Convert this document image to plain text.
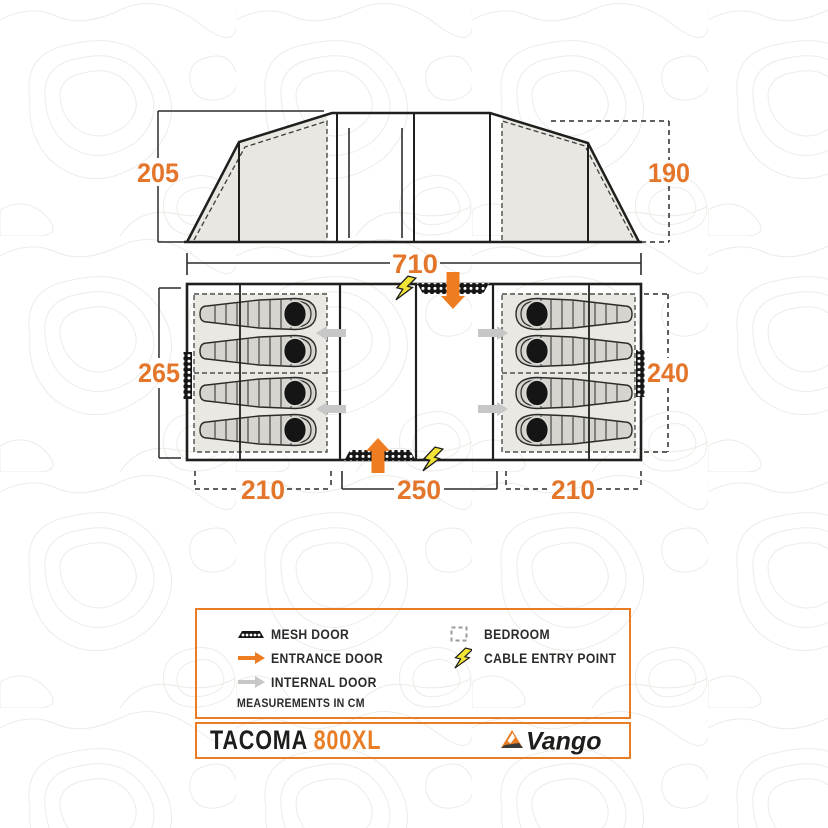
205	190
710
265	240
210	250	210
MESH DOOR
ENTRANCE DOOR
INTERNAL DOOR
MEASUREMENTS IN CM
BEDROOM
CABLE ENTRY POINT
TACOMA 800XL	Vango
